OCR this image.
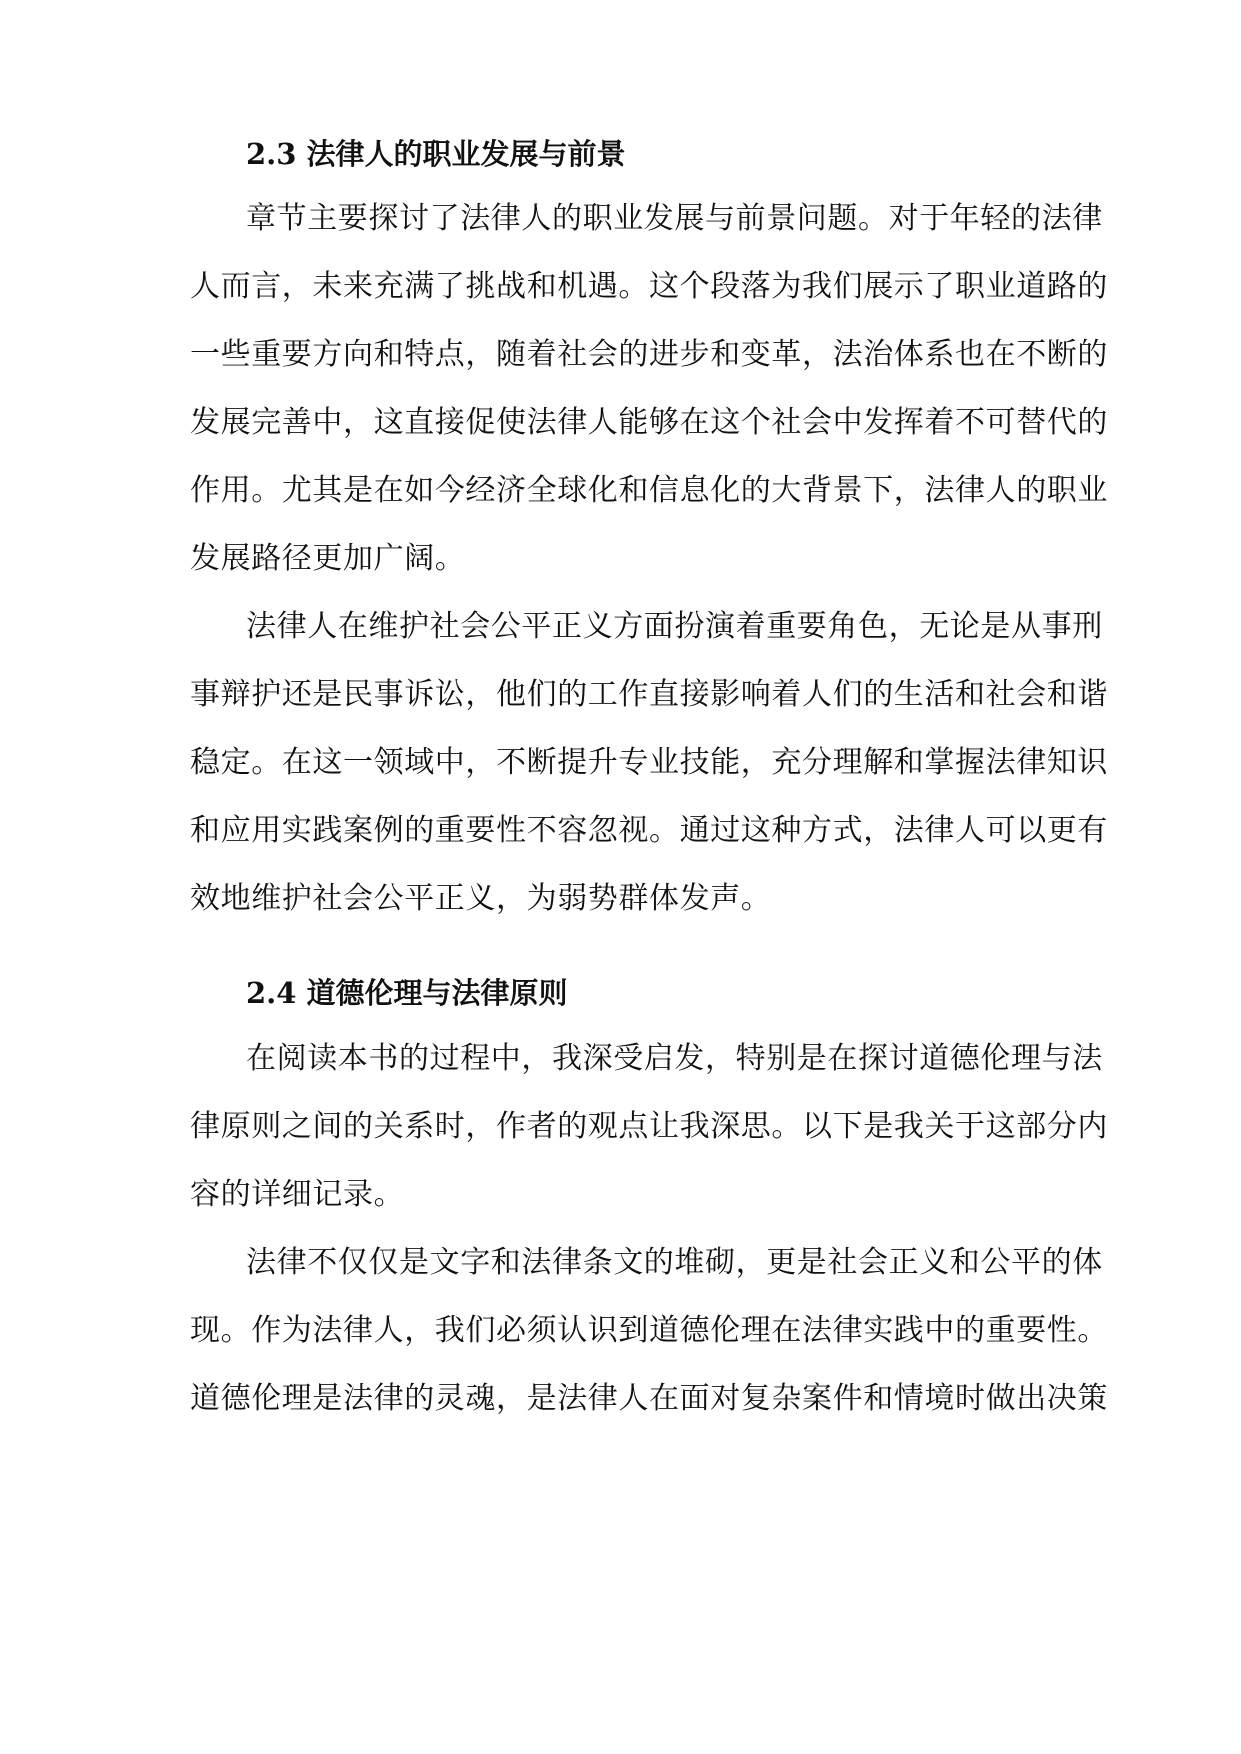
2.3 法律人的职业发展与前景
章节主要探讨了法律人的职业发展与前景问题。对于年轻的法律
人而言，未来充满了挑战和机遇。这个段落为我们展示了职业道路的
一些重要方向和特点，随着社会的进步和变革，法治体系也在不断的
发展完善中，这直接促使法律人能够在这个社会中发挥着不可替代的
作用。尤其是在如今经济全球化和信息化的大背景下，法律人的职业
发展路径更加广阔。
法律人在维护社会公平正义方面扮演着重要角色，无论是从事刑
事辩护还是民事诉讼，他们的工作直接影响着人们的生活和社会和谐
稳定。在这一领域中，不断提升专业技能，充分理解和掌握法律知识
和应用实践案例的重要性不容忽视。通过这种方式，法律人可以更有
效地维护社会公平正义，为弱势群体发声。
2.4 道德伦理与法律原则
在阅读本书的过程中，我深受启发，特别是在探讨道德伦理与法
律原则之间的关系时，作者的观点让我深思。以下是我关于这部分内
容的详细记录。
法律不仅仅是文字和法律条文的堆砌，更是社会正义和公平的体
现。作为法律人，我们必须认识到道德伦理在法律实践中的重要性。
道德伦理是法律的灵魂，是法律人在面对复杂案件和情境时做出决策
